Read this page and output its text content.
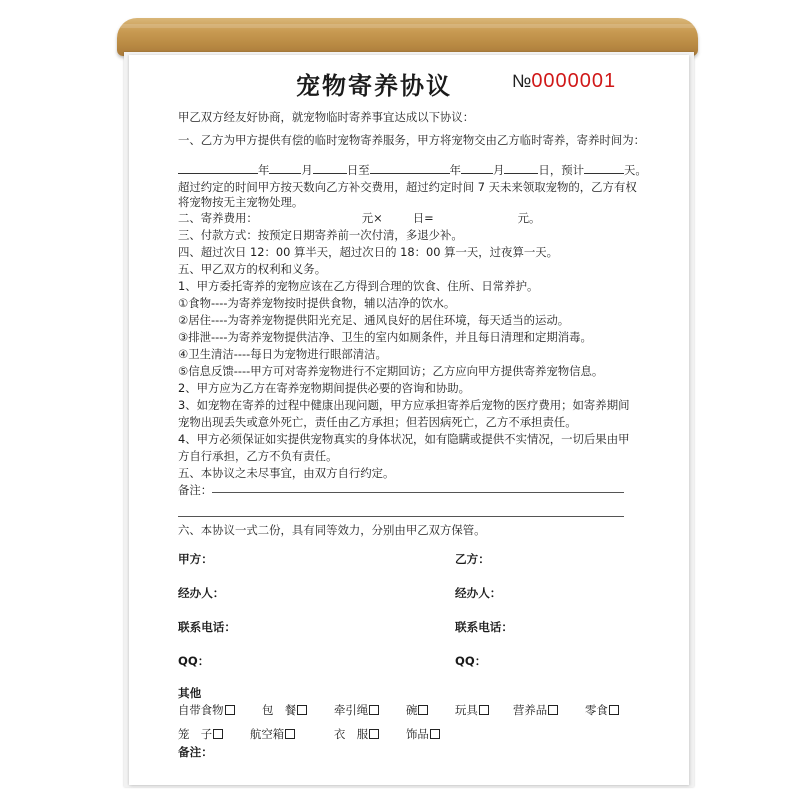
宠物寄养协议	№0000001
甲乙双方经友好协商，就宠物临时寄养事宜达成以下协议：
一、乙方为甲方提供有偿的临时宠物寄养服务，甲方将宠物交由乙方临时寄养，寄养时间为：
年	月	日至	年	月	日，预计	天。
超过约定的时间甲方按天数向乙方补交费用，超过约定时间 7 天未来领取宠物的，乙方有权
将宠物按无主宠物处理。
二、寄养费用：	元×	日=	元。
三、付款方式：按预定日期寄养前一次付清，多退少补。
四、超过次日 12：00 算半天，超过次日的 18：00 算一天，过夜算一天。
五、甲乙双方的权利和义务。
1、甲方委托寄养的宠物应该在乙方得到合理的饮食、住所、日常养护。
①食物----为寄养宠物按时提供食物，辅以洁净的饮水。
②居住----为寄养宠物提供阳光充足、通风良好的居住环境，每天适当的运动。
③排泄----为寄养宠物提供洁净、卫生的室内如厕条件，并且每日清理和定期消毒。
④卫生清洁----每日为宠物进行眼部清洁。
⑤信息反馈----甲方可对寄养宠物进行不定期回访；乙方应向甲方提供寄养宠物信息。
2、甲方应为乙方在寄养宠物期间提供必要的咨询和协助。
3、如宠物在寄养的过程中健康出现问题，甲方应承担寄养后宠物的医疗费用；如寄养期间
宠物出现丢失或意外死亡，责任由乙方承担；但若因病死亡，乙方不承担责任。
4、甲方必须保证如实提供宠物真实的身体状况，如有隐瞒或提供不实情况，一切后果由甲
方自行承担，乙方不负有责任。
五、本协议之未尽事宜，由双方自行约定。
备注：
六、本协议一式二份，具有同等效力，分别由甲乙双方保管。
甲方：	乙方：
经办人：	经办人：
联系电话：	联系电话：
QQ：	QQ：
其他
自带食物	包　餐	牵引绳	碗	玩具	营养品	零食
笼　子	航空箱	衣　服	饰品
备注：
